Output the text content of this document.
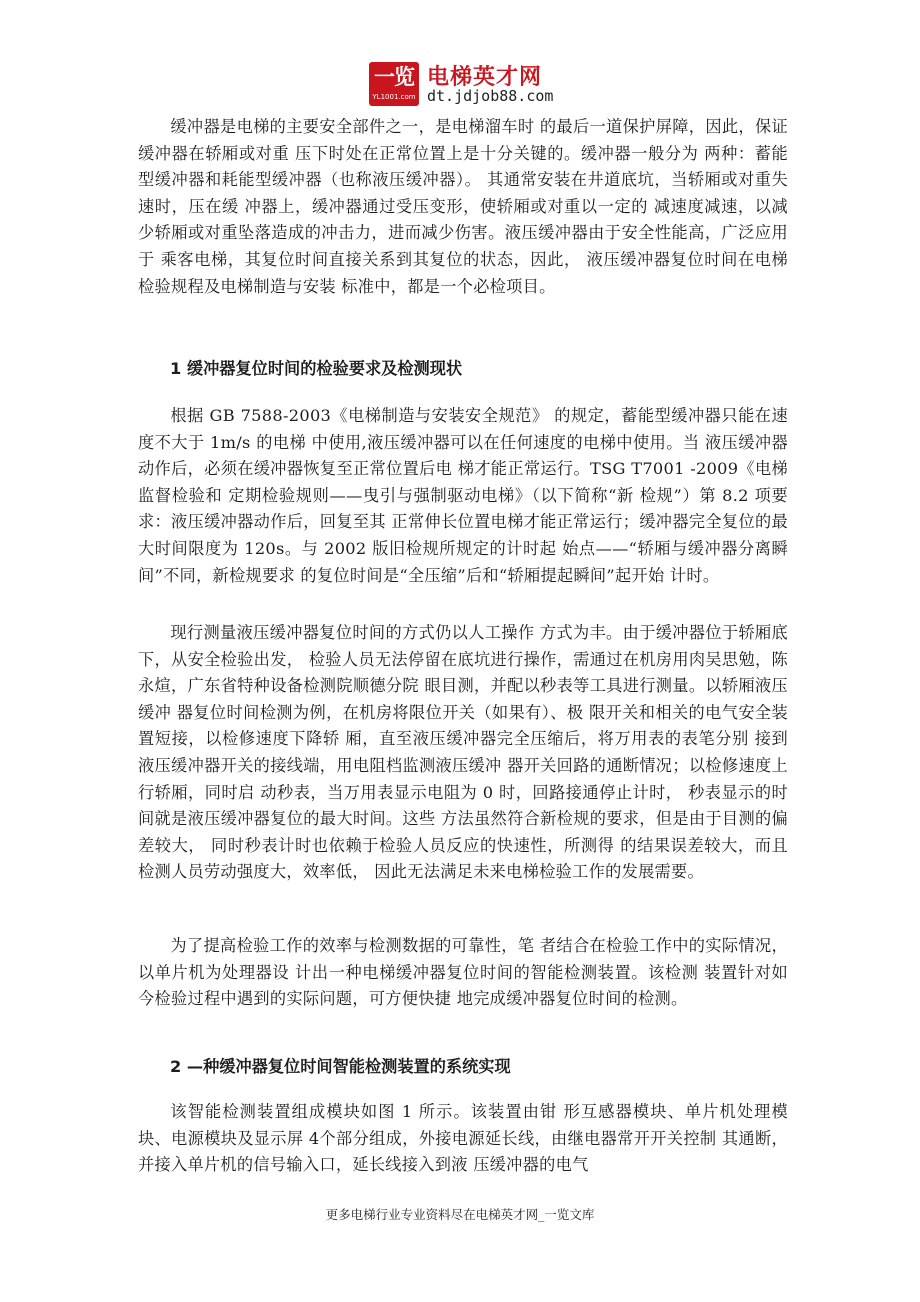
一览
YL1001.com
电梯英才网
dt.jdjob88.com

缓冲器是电梯的主要安全部件之一，是电梯溜车时 的最后一道保护屏障，因此，保证缓冲器在轿厢或对重 压下时处在正常位置上是十分关键的。缓冲器一般分为 两种：蓄能型缓冲器和耗能型缓冲器（也称液压缓冲器）。 其通常安装在井道底坑，当轿厢或对重失速时，压在缓 冲器上，缓冲器通过受压变形，使轿厢或对重以一定的 减速度减速，以减少轿厢或对重坠落造成的冲击力，进而减少伤害。液压缓冲器由于安全性能高，广泛应用于 乘客电梯，其复位时间直接关系到其复位的状态，因此， 液压缓冲器复位时间在电梯检验规程及电梯制造与安装 标准中，都是一个必检项目。

1 缓冲器复位时间的检验要求及检测现状

根据 GB 7588-2003《电梯制造与安装安全规范》 的规定，蓄能型缓冲器只能在速度不大于 1m/s 的电梯 中使用,液压缓冲器可以在任何速度的电梯中使用。当 液压缓冲器动作后，必须在缓冲器恢复至正常位置后电 梯才能正常运行。TSG T7001 -2009《电梯监督检验和 定期检验规则——曳引与强制驱动电梯》（以下简称“新 检规”）第 8.2 项要求：液压缓冲器动作后，回复至其 正常伸长位置电梯才能正常运行；缓冲器完全复位的最大时间限度为 120s。与 2002 版旧检规所规定的计时起 始点——“轿厢与缓冲器分离瞬间”不同，新检规要求 的复位时间是“全压缩”后和“轿厢提起瞬间”起开始 计时。

现行测量液压缓冲器复位时间的方式仍以人工操作 方式为丰。由于缓冲器位于轿厢底下，从安全检验出发， 检验人员无法停留在底坑进行操作，需通过在机房用肉吴思勉，陈永煊，广东省特种设备检测院顺德分院 眼目测，并配以秒表等工具进行测量。以轿厢液压缓冲 器复位时间检测为例，在机房将限位开关（如果有）、极 限开关和相关的电气安全装置短接，以检修速度下降轿 厢，直至液压缓冲器完全压缩后，将万用表的表笔分别 接到液压缓冲器开关的接线端，用电阻档监测液压缓冲 器开关回路的通断情况；以检修速度上行轿厢，同时启 动秒表，当万用表显示电阻为 0 时，回路接通停止计时， 秒表显示的时间就是液压缓冲器复位的最大时间。这些 方法虽然符合新检规的要求，但是由于目测的偏差较大， 同时秒表计时也依赖于检验人员反应的快速性，所测得 的结果误差较大，而且检测人员劳动强度大，效率低， 因此无法满足未来电梯检验工作的发展需要。

为了提高检验工作的效率与检测数据的可靠性，笔 者结合在检验工作中的实际情况，以单片机为处理器设 计出一种电梯缓冲器复位时间的智能检测装置。该检测 装置针对如今检验过程中遇到的实际问题，可方便快捷 地完成缓冲器复位时间的检测。

2 —种缓冲器复位时间智能检测装置的系统实现

该智能检测装置组成模块如图 1 所示。该装置由钳 形互感器模块、单片机处理模块、电源模块及显示屏 4个部分组成，外接电源延长线，由继电器常开开关控制 其通断，并接入单片机的信号输入口，延长线接入到液 压缓冲器的电气

更多电梯行业专业资料尽在电梯英才网_一览文库
